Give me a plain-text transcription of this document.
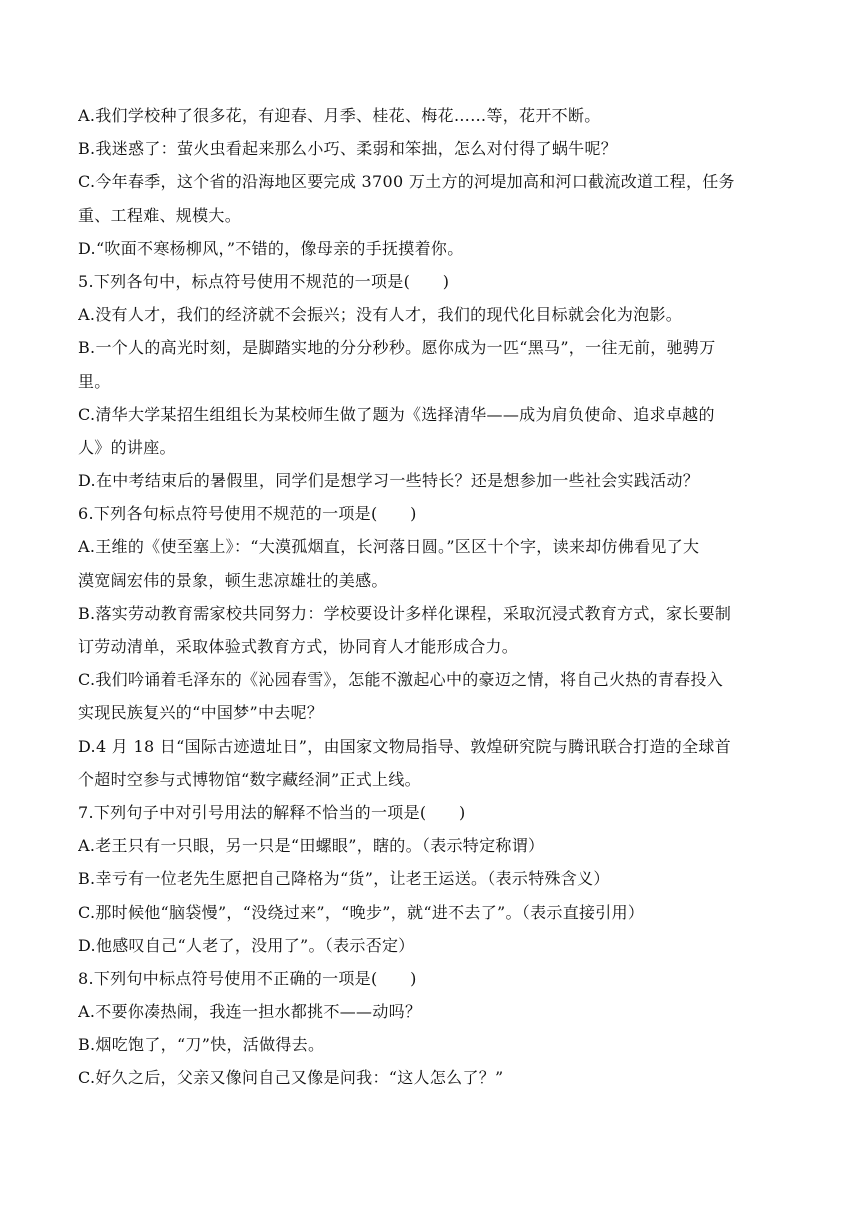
A.我们学校种了很多花，有迎春、月季、桂花、梅花……等，花开不断。
B.我迷惑了：萤火虫看起来那么小巧、柔弱和笨拙，怎么对付得了蜗牛呢？
C.今年春季，这个省的沿海地区要完成 3700 万土方的河堤加高和河口截流改道工程，任务
重、工程难、规模大。
D.“吹面不寒杨柳风，”不错的，像母亲的手抚摸着你。
5.下列各句中，标点符号使用不规范的一项是(　　)
A.没有人才，我们的经济就不会振兴；没有人才，我们的现代化目标就会化为泡影。
B.一个人的高光时刻，是脚踏实地的分分秒秒。愿你成为一匹“黑马”，一往无前，驰骋万
里。
C.清华大学某招生组组长为某校师生做了题为《选择清华——成为肩负使命、追求卓越的
人》的讲座。
D.在中考结束后的暑假里，同学们是想学习一些特长？还是想参加一些社会实践活动？
6.下列各句标点符号使用不规范的一项是(　　)
A.王维的《使至塞上》：“大漠孤烟直，长河落日圆。”区区十个字，读来却仿佛看见了大
漠宽阔宏伟的景象，顿生悲凉雄壮的美感。
B.落实劳动教育需家校共同努力：学校要设计多样化课程，采取沉浸式教育方式，家长要制
订劳动清单，采取体验式教育方式，协同育人才能形成合力。
C.我们吟诵着毛泽东的《沁园春雪》，怎能不激起心中的豪迈之情，将自己火热的青春投入
实现民族复兴的“中国梦”中去呢？
D.4 月 18 日“国际古迹遗址日”，由国家文物局指导、敦煌研究院与腾讯联合打造的全球首
个超时空参与式博物馆“数字藏经洞”正式上线。
7.下列句子中对引号用法的解释不恰当的一项是(　　)
A.老王只有一只眼，另一只是“田螺眼”，瞎的。（表示特定称谓）
B.幸亏有一位老先生愿把自己降格为“货”，让老王运送。（表示特殊含义）
C.那时候他“脑袋慢”，“没绕过来”，“晚步”，就“进不去了”。（表示直接引用）
D.他感叹自己“人老了，没用了”。（表示否定）
8.下列句中标点符号使用不正确的一项是(　　)
A.不要你凑热闹，我连一担水都挑不——动吗？
B.烟吃饱了，“刀”快，活做得去。
C.好久之后，父亲又像问自己又像是问我：“这人怎么了？”
